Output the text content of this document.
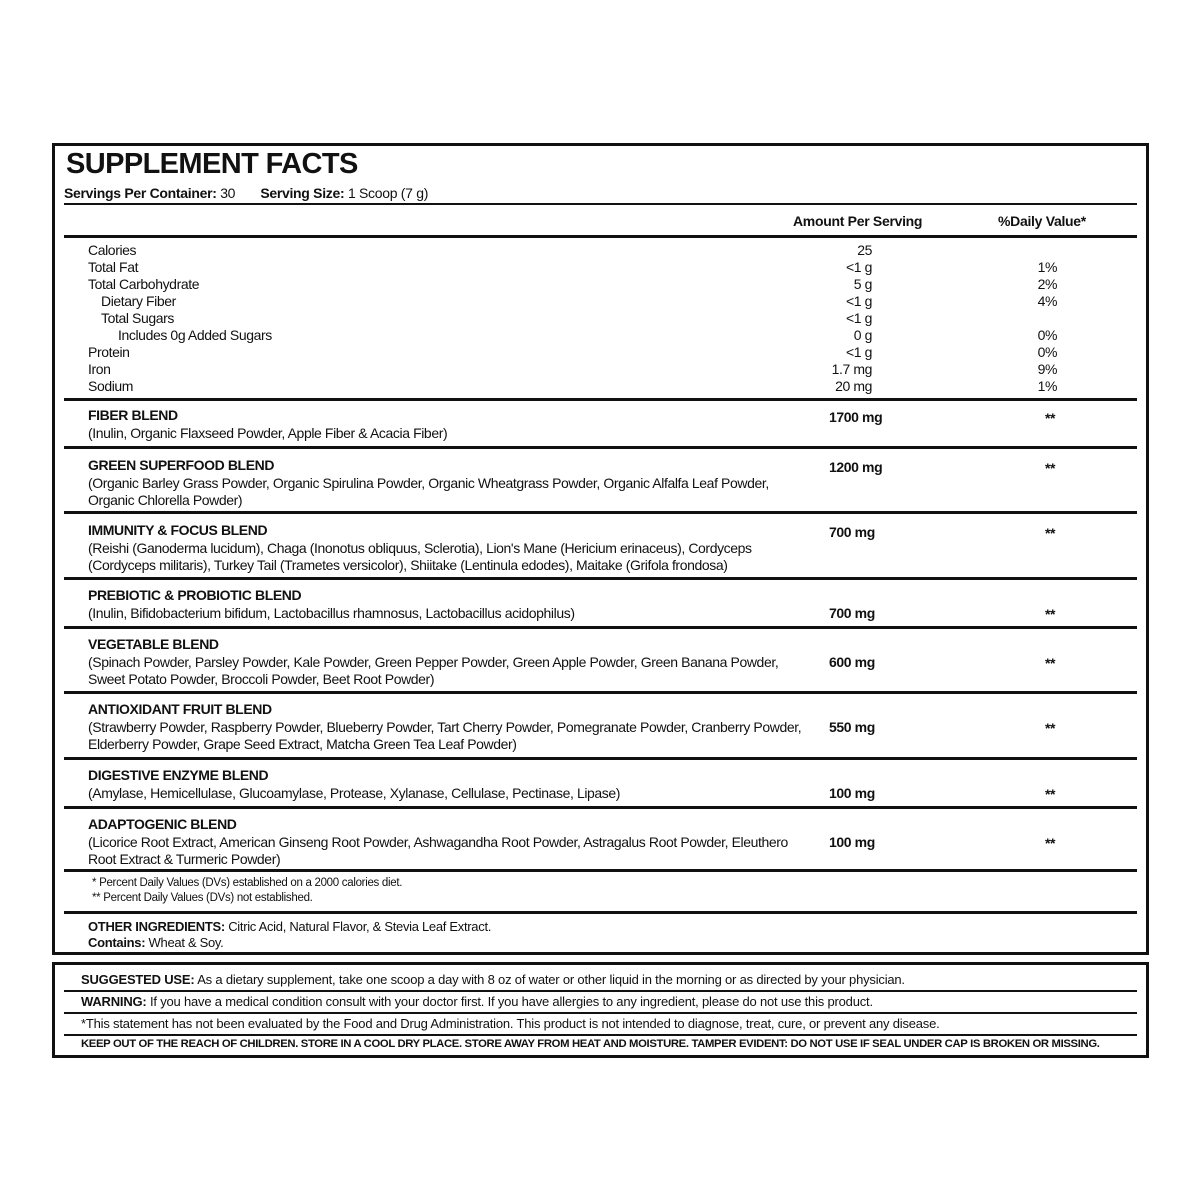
SUPPLEMENT FACTS
Servings Per Container: 30 Serving Size: 1 Scoop (7 g)
Amount Per Serving	%Daily Value*
Calories	25
Total Fat	<1 g	1%
Total Carbohydrate	5 g	2%
Dietary Fiber	<1 g	4%
Total Sugars	<1 g
Includes 0g Added Sugars	0 g	0%
Protein	<1 g	0%
Iron	1.7 mg	9%
Sodium	20 mg	1%
FIBER BLEND
(Inulin, Organic Flaxseed Powder, Apple Fiber & Acacia Fiber)
1700 mg	**
GREEN SUPERFOOD BLEND
(Organic Barley Grass Powder, Organic Spirulina Powder, Organic Wheatgrass Powder, Organic Alfalfa Leaf Powder, Organic Chlorella Powder)
1200 mg	**
IMMUNITY & FOCUS BLEND
(Reishi (Ganoderma lucidum), Chaga (Inonotus obliquus, Sclerotia), Lion's Mane (Hericium erinaceus), Cordyceps (Cordyceps militaris), Turkey Tail (Trametes versicolor), Shiitake (Lentinula edodes), Maitake (Grifola frondosa)
700 mg	**
PREBIOTIC & PROBIOTIC BLEND
(Inulin, Bifidobacterium bifidum, Lactobacillus rhamnosus, Lactobacillus acidophilus)	700 mg	**
VEGETABLE BLEND
(Spinach Powder, Parsley Powder, Kale Powder, Green Pepper Powder, Green Apple Powder, Green Banana Powder, Sweet Potato Powder, Broccoli Powder, Beet Root Powder)
600 mg	**
ANTIOXIDANT FRUIT BLEND
(Strawberry Powder, Raspberry Powder, Blueberry Powder, Tart Cherry Powder, Pomegranate Powder, Cranberry Powder, Elderberry Powder, Grape Seed Extract, Matcha Green Tea Leaf Powder)
550 mg	**
DIGESTIVE ENZYME BLEND
(Amylase, Hemicellulase, Glucoamylase, Protease, Xylanase, Cellulase, Pectinase, Lipase)	100 mg	**
ADAPTOGENIC BLEND
(Licorice Root Extract, American Ginseng Root Powder, Ashwagandha Root Powder, Astragalus Root Powder, Eleuthero Root Extract & Turmeric Powder)
100 mg	**
* Percent Daily Values (DVs) established on a 2000 calories diet.
** Percent Daily Values (DVs) not established.
OTHER INGREDIENTS: Citric Acid, Natural Flavor, & Stevia Leaf Extract.
Contains: Wheat & Soy.
SUGGESTED USE: As a dietary supplement, take one scoop a day with 8 oz of water or other liquid in the morning or as directed by your physician.
WARNING: If you have a medical condition consult with your doctor first. If you have allergies to any ingredient, please do not use this product.
*This statement has not been evaluated by the Food and Drug Administration. This product is not intended to diagnose, treat, cure, or prevent any disease.
KEEP OUT OF THE REACH OF CHILDREN. STORE IN A COOL DRY PLACE. STORE AWAY FROM HEAT AND MOISTURE. TAMPER EVIDENT: DO NOT USE IF SEAL UNDER CAP IS BROKEN OR MISSING.
